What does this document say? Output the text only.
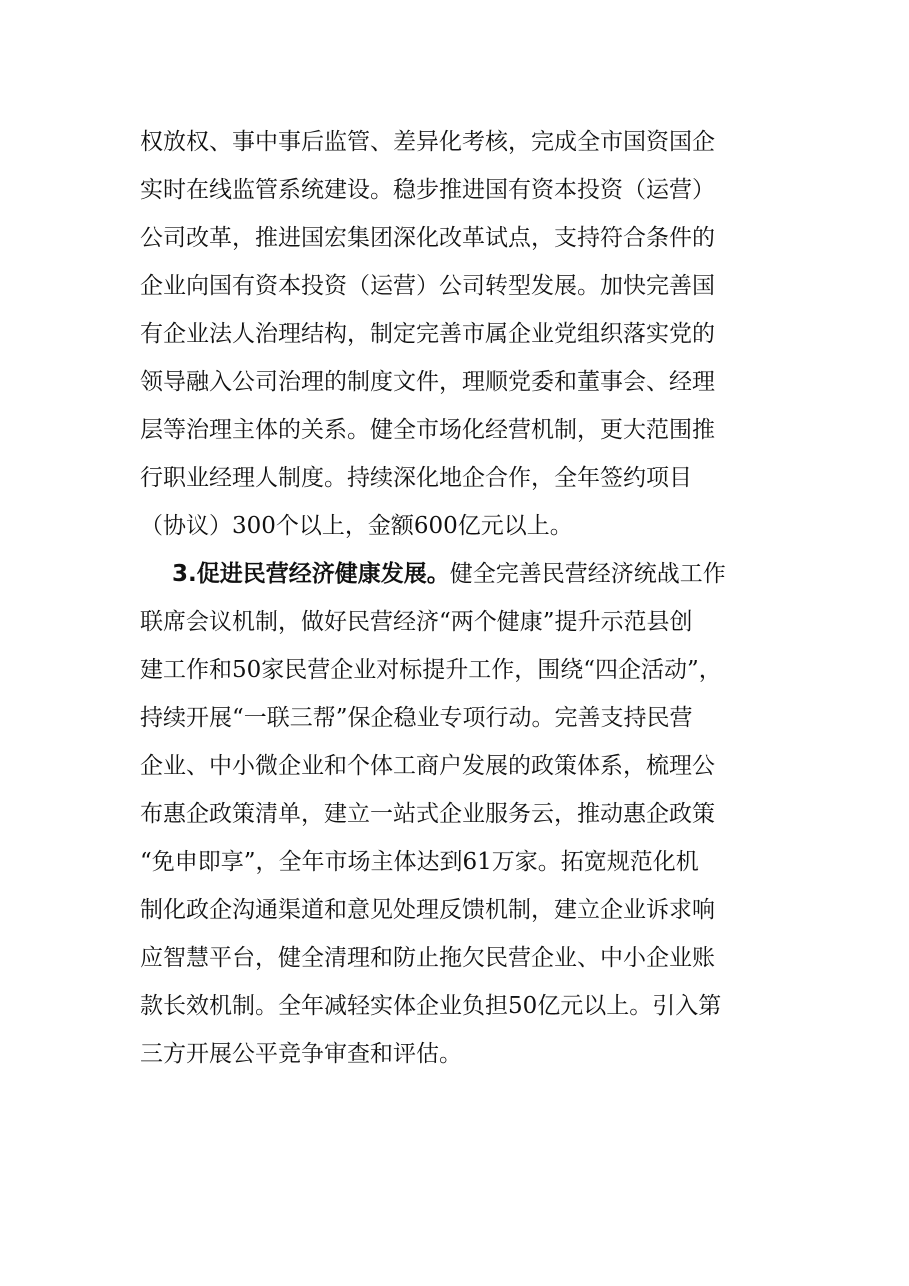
权放权、事中事后监管、差异化考核，完成全市国资国企
实时在线监管系统建设。稳步推进国有资本投资（运营）
公司改革，推进国宏集团深化改革试点，支持符合条件的
企业向国有资本投资（运营）公司转型发展。加快完善国
有企业法人治理结构，制定完善市属企业党组织落实党的
领导融入公司治理的制度文件，理顺党委和董事会、经理
层等治理主体的关系。健全市场化经营机制，更大范围推
行职业经理人制度。持续深化地企合作，全年签约项目
（协议）300个以上，金额600亿元以上。
3.促进民营经济健康发展。健全完善民营经济统战工作
联席会议机制，做好民营经济“两个健康”提升示范县创
建工作和50家民营企业对标提升工作，围绕“四企活动”，
持续开展“一联三帮”保企稳业专项行动。完善支持民营
企业、中小微企业和个体工商户发展的政策体系，梳理公
布惠企政策清单，建立一站式企业服务云，推动惠企政策
“免申即享”，全年市场主体达到61万家。拓宽规范化机
制化政企沟通渠道和意见处理反馈机制，建立企业诉求响
应智慧平台，健全清理和防止拖欠民营企业、中小企业账
款长效机制。全年减轻实体企业负担50亿元以上。引入第
三方开展公平竞争审查和评估。
